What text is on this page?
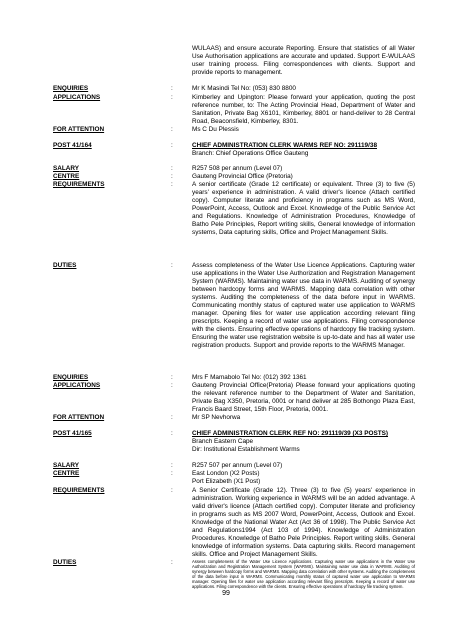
WULAAS) and ensure accurate Reporting. Ensure that statistics of all Water Use Authorisation applications are accurate and updated. Support E-WULAAS user training process. Filing correspondences with clients. Support and provide reports to management.
ENQUIRIES	:	Mr K Masindi Tel No: (053) 830 8800
APPLICATIONS	:	Kimberley and Upington: Please forward your application, quoting the post reference number, to: The Acting Provincial Head, Department of Water and Sanitation, Private Bag X6101, Kimberley, 8801 or hand-deliver to 28 Central Road, Beaconsfield, Kimberley, 8301.
FOR ATTENTION	:	Ms C Du Plessis
POST 41/164	:	CHIEF ADMINISTRATION CLERK WARMS REF NO: 291119/38
Branch: Chief Operations Office Gauteng
SALARY	:	R257 508 per annum (Level 07)
CENTRE	:	Gauteng Provincial Office (Pretoria)
REQUIREMENTS	:	A senior certificate (Grade 12 certificate) or equivalent. Three (3) to five (5) years' experience in administration. A valid driver's licence (Attach certified copy). Computer literate and proficiency in programs such as MS Word, PowerPoint, Access, Outlook and Excel. Knowledge of the Public Service Act and Regulations. Knowledge of Administration Procedures, Knowledge of Batho Pele Principles, Report writing skills, General knowledge of information systems, Data capturing skills, Office and Project Management Skills.
DUTIES	:	Assess completeness of the Water Use Licence Applications. Capturing water use applications in the Water Use Authorization and Registration Management System (WARMS). Maintaining water use data in WARMS. Auditing of synergy between hardcopy forms and WARMS. Mapping data correlation with other systems. Auditing the completeness of the data before input in WARMS. Communicating monthly status of captured water use application to WARMS manager. Opening files for water use application according relevant filing prescripts. Keeping a record of water use applications. Filing correspondence with the clients. Ensuring effective operations of hardcopy file tracking system. Ensuring the water use registration website is up-to-date and has all water use registration products. Support and provide reports to the WARMS Manager.
ENQUIRIES	:	Mrs F Mamabolo Tel No: (012) 392 1361
APPLICATIONS	:	Gauteng Provincial Office(Pretoria) Please forward your applications quoting the relevant reference number to the Department of Water and Sanitation, Private Bag X350, Pretoria, 0001 or hand deliver at 285 Bothongo Plaza East, Francis Baard Street, 15th Floor, Pretoria, 0001.
FOR ATTENTION	:	Mr SP Nevhorwa
POST 41/165	:	CHIEF ADMINISTRATION CLERK REF NO: 291119/39 (X3 POSTS)
Branch Eastern Cape
Dir: Institutional Establishment Warms
SALARY	:	R257 507 per annum (Level 07)
CENTRE	:	East London (X2 Posts)
Port Elizabeth (X1 Post)
REQUIREMENTS	:	A Senior Certificate (Grade 12). Three (3) to five (5) years' experience in administration. Working experience in WARMS will be an added advantage. A valid driver's licence (Attach certified copy). Computer literate and proficiency in programs such as MS 2007 Word, PowerPoint, Access, Outlook and Excel. Knowledge of the National Water Act (Act 36 of 1998). The Public Service Act and Regulations1994 (Act 103 of 1994). Knowledge of Administration Procedures. Knowledge of Batho Pele Principles. Report writing skills. General knowledge of information systems. Data capturing skills. Record management skills. Office and Project Management Skills.
DUTIES	:	Assess completeness of the Water Use Licence Applications. Capturing water use applications in the Water Use Authorization and Registration Management System (WARMS). Maintaining water use data in WARMS. Auditing of synergy between hardcopy forms and WARMS. Mapping data correlation with other systems. Auditing the completeness of the data before input in WARMS. Communicating monthly status of captured water use application to WARMS manager. Opening files for water use application according relevant filing prescripts. Keeping a record of water use applications. Filing correspondence with the clients. Ensuring effective operations of hardcopy file tracking system.
99
